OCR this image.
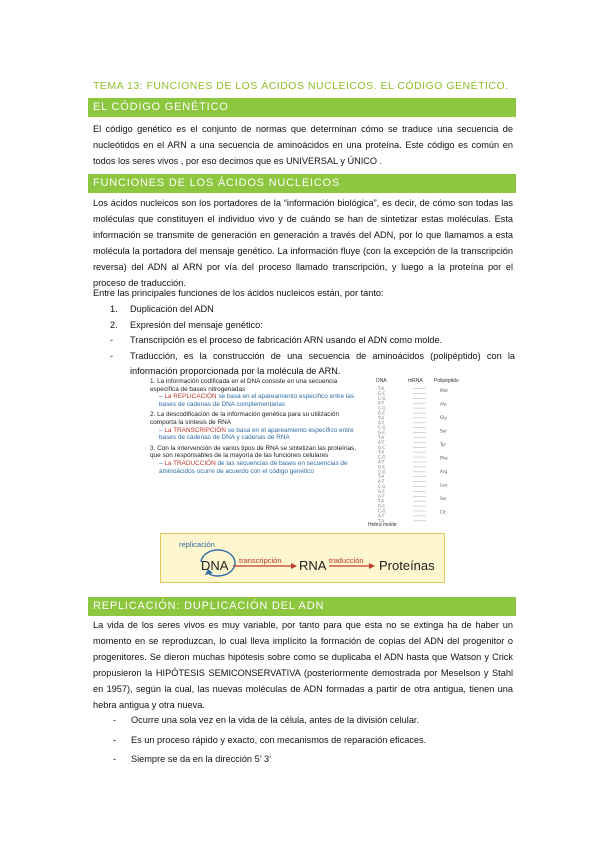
TEMA 13: FUNCIONES DE LOS ÁCIDOS NUCLEICOS. EL CÓDIGO GENÉTICO.
EL CÓDIGO GENÉTICO

El código genético es el conjunto de normas que determinan cómo se traduce una secuencia de nucleótidos en el ARN a una secuencia de aminoácidos en una proteína. Este código es común en todos los seres vivos , por eso decimos que es UNIVERSAL y ÚNICO .

FUNCIONES DE LOS ÁCIDOS NUCLEICOS

Los ácidos nucleicos son los portadores de la “información biológica”, es decir, de cómo son todas las moléculas que constituyen el individuo vivo y de cuándo se han de sintetizar estas moléculas. Esta información se transmite de generación en generación a través del ADN, por lo que llamamos a esta molécula la portadora del mensaje genético. La información fluye (con la excepción de la transcripción reversa) del ADN al ARN por vía del proceso llamado transcripción, y luego a la proteína por el proceso de traducción.

Entre las principales funciones de los ácidos nucleicos están, por tanto:

1. Duplicación del ADN
2. Expresión del mensaje genético:
- Transcripción es el proceso de fabricación ARN usando el ADN como molde.
- Traducción, es la construcción de una secuencia de aminoácidos (polipéptido) con la información proporcionada por la molécula de ARN.
1. La información codificada en el DNA consiste en una secuencia específica de bases nitrogenadas
– La REPLICACIÓN se basa en el apareamiento específico entre las bases de cadenas de DNA complementarias
2. La descodificación de la información genética para su utilización comporta la síntesis de RNA
– La TRANSCRIPCIÓN se basa en el apareamiento específico entre bases de cadenas de DNA y cadenas de RNA
3. Con la intervención de varios tipos de RNA se sintetizan las proteínas, que son responsables de la mayoría de las funciones celulares
– La TRADUCCIÓN de las secuencias de bases en secuencias de aminoácidos ocurre de acuerdo con el código genético
DNA	mRNA Polipéptido
T-A
G-C
C-G
A-T
C-G
G-C
T-A
A-T
C-G
G-C
T-A
A-T
G-C
T-A
C-G
A-T
G-C
C-G
T-A
A-T
C-G
G-C
A-T
T-A
G-C
C-G
A-T
T-A
Met
Ala
Gly
Ser
Tyr
Phe
Arg
Leu
Ser
Cit
Hebra molde
replicación
DNA transcripción RNA traducción Proteínas
REPLICACIÓN: DUPLICACIÓN DEL ADN

La vida de los seres vivos es muy variable, por tanto para que esta no se extinga ha de haber un momento en se reproduzcan, lo cual lleva implícito la formación de copias del ADN del progenitor o progenitores. Se dieron muchas hipótesis sobre como se duplicaba el ADN hasta que Watson y Crick propusieron la HIPÓTESIS SEMICONSERVATIVA (posteriormente demostrada por Meselson y Stahl en 1957), según la cual, las nuevas moléculas de ADN formadas a partir de otra antigua, tienen una hebra antigua y otra nueva.

- Ocurre una sola vez en la vida de la célula, antes de la división celular.
- Es un proceso rápido y exacto, con mecanismos de reparación eficaces.
- Siempre se da en la dirección 5’ 3’
